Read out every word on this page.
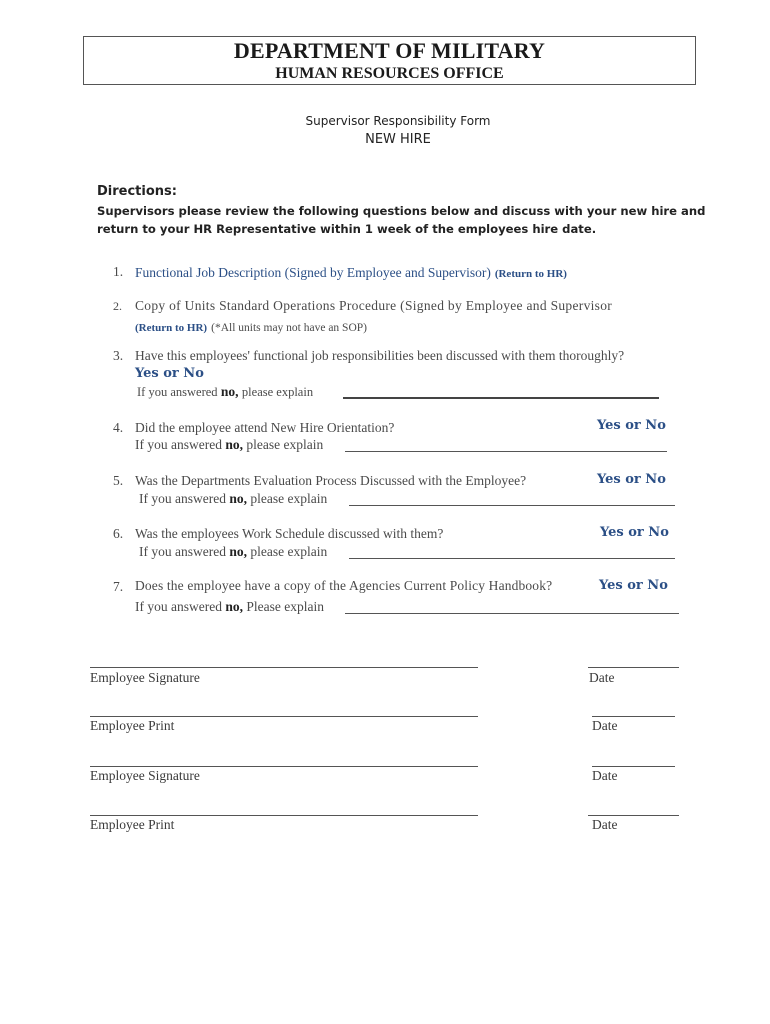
DEPARTMENT OF MILITARY
HUMAN RESOURCES OFFICE
Supervisor Responsibility Form
NEW HIRE
Directions:
Supervisors please review the following questions below and discuss with your new hire and
return to your HR Representative within 1 week of the employees hire date.
1. Functional Job Description (Signed by Employee and Supervisor) (Return to HR)
2. Copy of Units Standard Operations Procedure (Signed by Employee and Supervisor
(Return to HR) (*All units may not have an SOP)
3. Have this employees' functional job responsibilities been discussed with them thoroughly?
Yes or No
If you answered no, please explain
4. Did the employee attend New Hire Orientation?	Yes or No
If you answered no, please explain
5. Was the Departments Evaluation Process Discussed with the Employee?	Yes or No
If you answered no, please explain
6. Was the employees Work Schedule discussed with them?	Yes or No
If you answered no, please explain
7. Does the employee have a copy of the Agencies Current Policy Handbook?	Yes or No
If you answered no, Please explain
Employee Signature	Date
Employee Print	Date
Employee Signature	Date
Employee Print	Date
